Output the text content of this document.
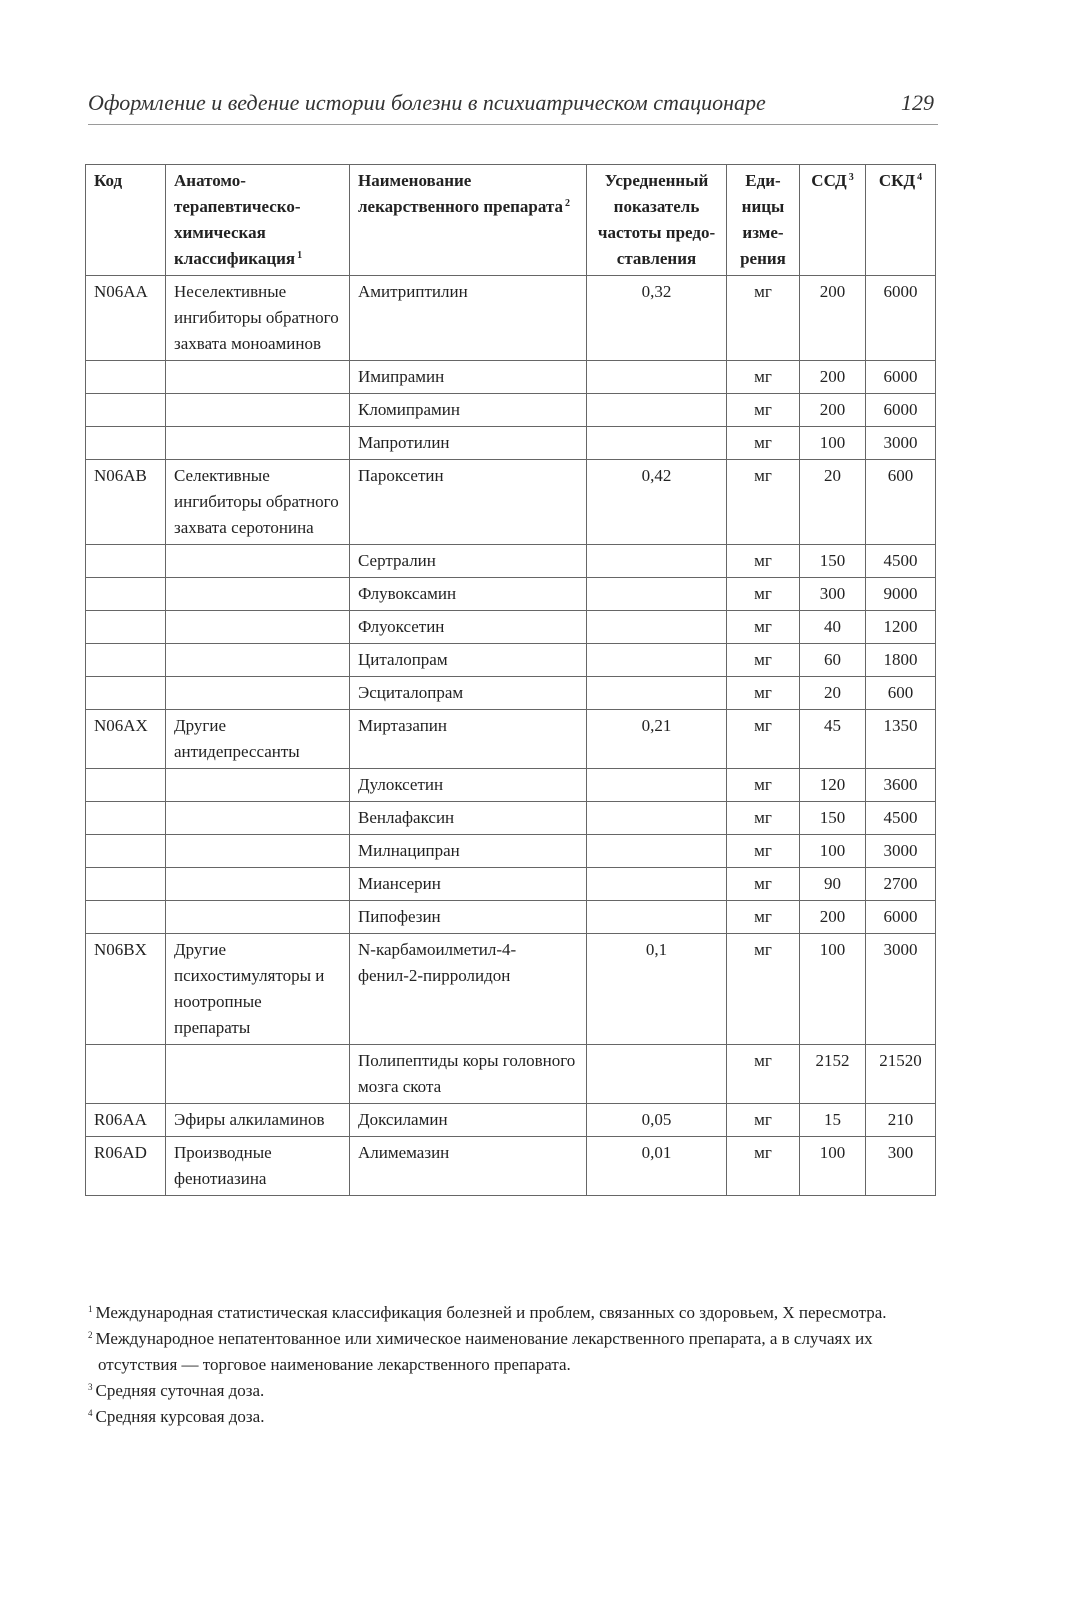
Оформление и ведение истории болезни в психиатрическом стационаре	129
Код	Анатомо-терапевтическо-химическая классификация $^1$	Наименование лекарственного препарата $^2$	Усредненный показатель частоты предо-ставления	Еди-ницы изме-рения	ССД $^3$	СКД $^4$
N06AA	Неселективные ингибиторы обратного захвата моноаминов	Амитриптилин	0,32	мг	200	6000
		Имипрамин		мг	200	6000
		Кломипрамин		мг	200	6000
		Мапротилин		мг	100	3000
N06AB	Селективные ингибиторы обратного захвата серотонина	Пароксетин	0,42	мг	20	600
		Сертралин		мг	150	4500
		Флувоксамин		мг	300	9000
		Флуоксетин		мг	40	1200
		Циталопрам		мг	60	1800
		Эсциталопрам		мг	20	600
N06AX	Другие антидепрессанты	Миртазапин	0,21	мг	45	1350
		Дулоксетин		мг	120	3600
		Венлафаксин		мг	150	4500
		Милнаципран		мг	100	3000
		Миансерин		мг	90	2700
		Пипофезин		мг	200	6000
N06BX	Другие психостимуляторы и ноотропные препараты	N-карбамоилметил-4-фенил-2-пирролидон	0,1	мг	100	3000
		Полипептиды коры головного мозга скота		мг	2152	21520
R06AA	Эфиры алкиламинов	Доксиламин	0,05	мг	15	210
R06AD	Производные фенотиазина	Алимемазин	0,01	мг	100	300
$^1$ Международная статистическая классификация болезней и проблем, связанных со здоровьем, X пересмотра.
$^2$ Международное непатентованное или химическое наименование лекарственного препарата, а в случаях их отсутствия — торговое наименование лекарственного препарата.
$^3$ Средняя суточная доза.
$^4$ Средняя курсовая доза.
